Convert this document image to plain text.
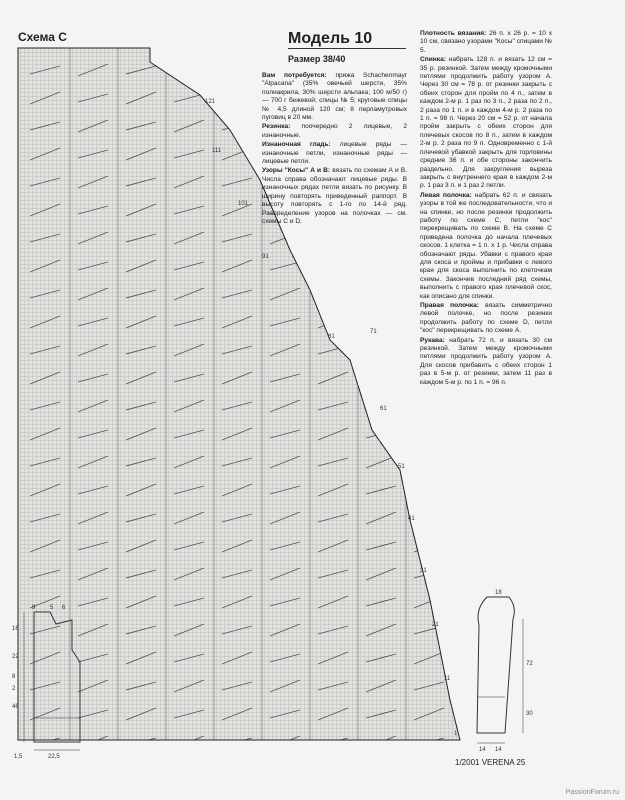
121
111
101
91
81
71
61
51
41
31
21
11
1
Схема С	Модель 10
Размер 38/40

Вам потребуется: пряжа Schachenmayr "Alpacana" (35% овечьей шерсти, 35% полиакрила, 30% шерсти альпака; 100 м/50 г) — 700 г бежевой; спицы № 5; круговые спицы № 4,5 длиной 120 см; 8 перламутровых пуговиц в 20 мм.

Резинка: поочередно 2 лицевые, 2 изнаночные.

Изнаночная гладь: лицевые ряды — изнаночные петли, изнаночные ряды — лицевые петли.

Узоры "Косы" А и В: вязать по схемам А и В. Числа справа обозначают лицевые ряды. В изнаночных рядах петли вязать по рисунку. В ширину повторять приведенный раппорт. В высоту повторять с 1-го по 14-й ряд. Распределение узоров на полочках — см. схемы С и D.

Плотность вязания: 26 п. х 26 р. = 10 х 10 см, связано узорами "Косы" спицами № 5.

Спинка: набрать 128 п. и вязать 12 см = 35 р. резинкой. Затем между кромочными петлями продолжить работу узором А. Через 30 см = 78 р. от резинки закрыть с обеих сторон для пройм по 4 п., затем в каждом 2-м р. 1 раз по 3 п., 2 раза по 2 п., 2 раза по 1 п. и в каждом 4-м р. 2 раза по 1 п. = 98 п. Через 20 см = 52 р. от начала пройм закрыть с обеих сторон для плечевых скосов по 8 п., затем в каждом 2-м р. 2 раза по 9 п. Одновременно с 1-й плечевой убавкой закрыть для горловины средние 36 п. и обе стороны закончить раздельно. Для закругления выреза закрыть с внутреннего края в каждом 2-м р. 1 раз 3 п. и 1 раз 2 петли.

Левая полочка: набрать 62 п. и связать узоры в той же последовательности, что и на спинке, но после резинки продолжить работу по схеме С, петли "кос" перекрещивать по схеме В. На схеме С приведена полочка до начала плечевых скосов. 1 клетка = 1 п. х 1 р. Числа справа обозначают ряды. Убавки с правого края для скоса и проймы и прибавки с левого края для скоса выполнить по клеточкам схемы. Закончив последний ряд схемы, выполнить с правого края плечевой скос, как описано для спинки.

Правая полочка: вязать симметрично левой полочке, но после резинки продолжить работу по схеме D, петли "кос" перекрещивать по схеме А.

Рукава: набрать 72 п. и вязать 30 см резинкой. Затем между кромочными петлями продолжить работу узором А. Для скосов прибавить с обеих сторон 1 раз в 5-м р. от резинки, затем 11 раз в каждом 5-м р. по 1 п. = 96 п.

9 5 6
16
22
8
2
46
1,5	22,5
18
30
72
14 14
1/2001 VERENA 25
PassionForum.ru
